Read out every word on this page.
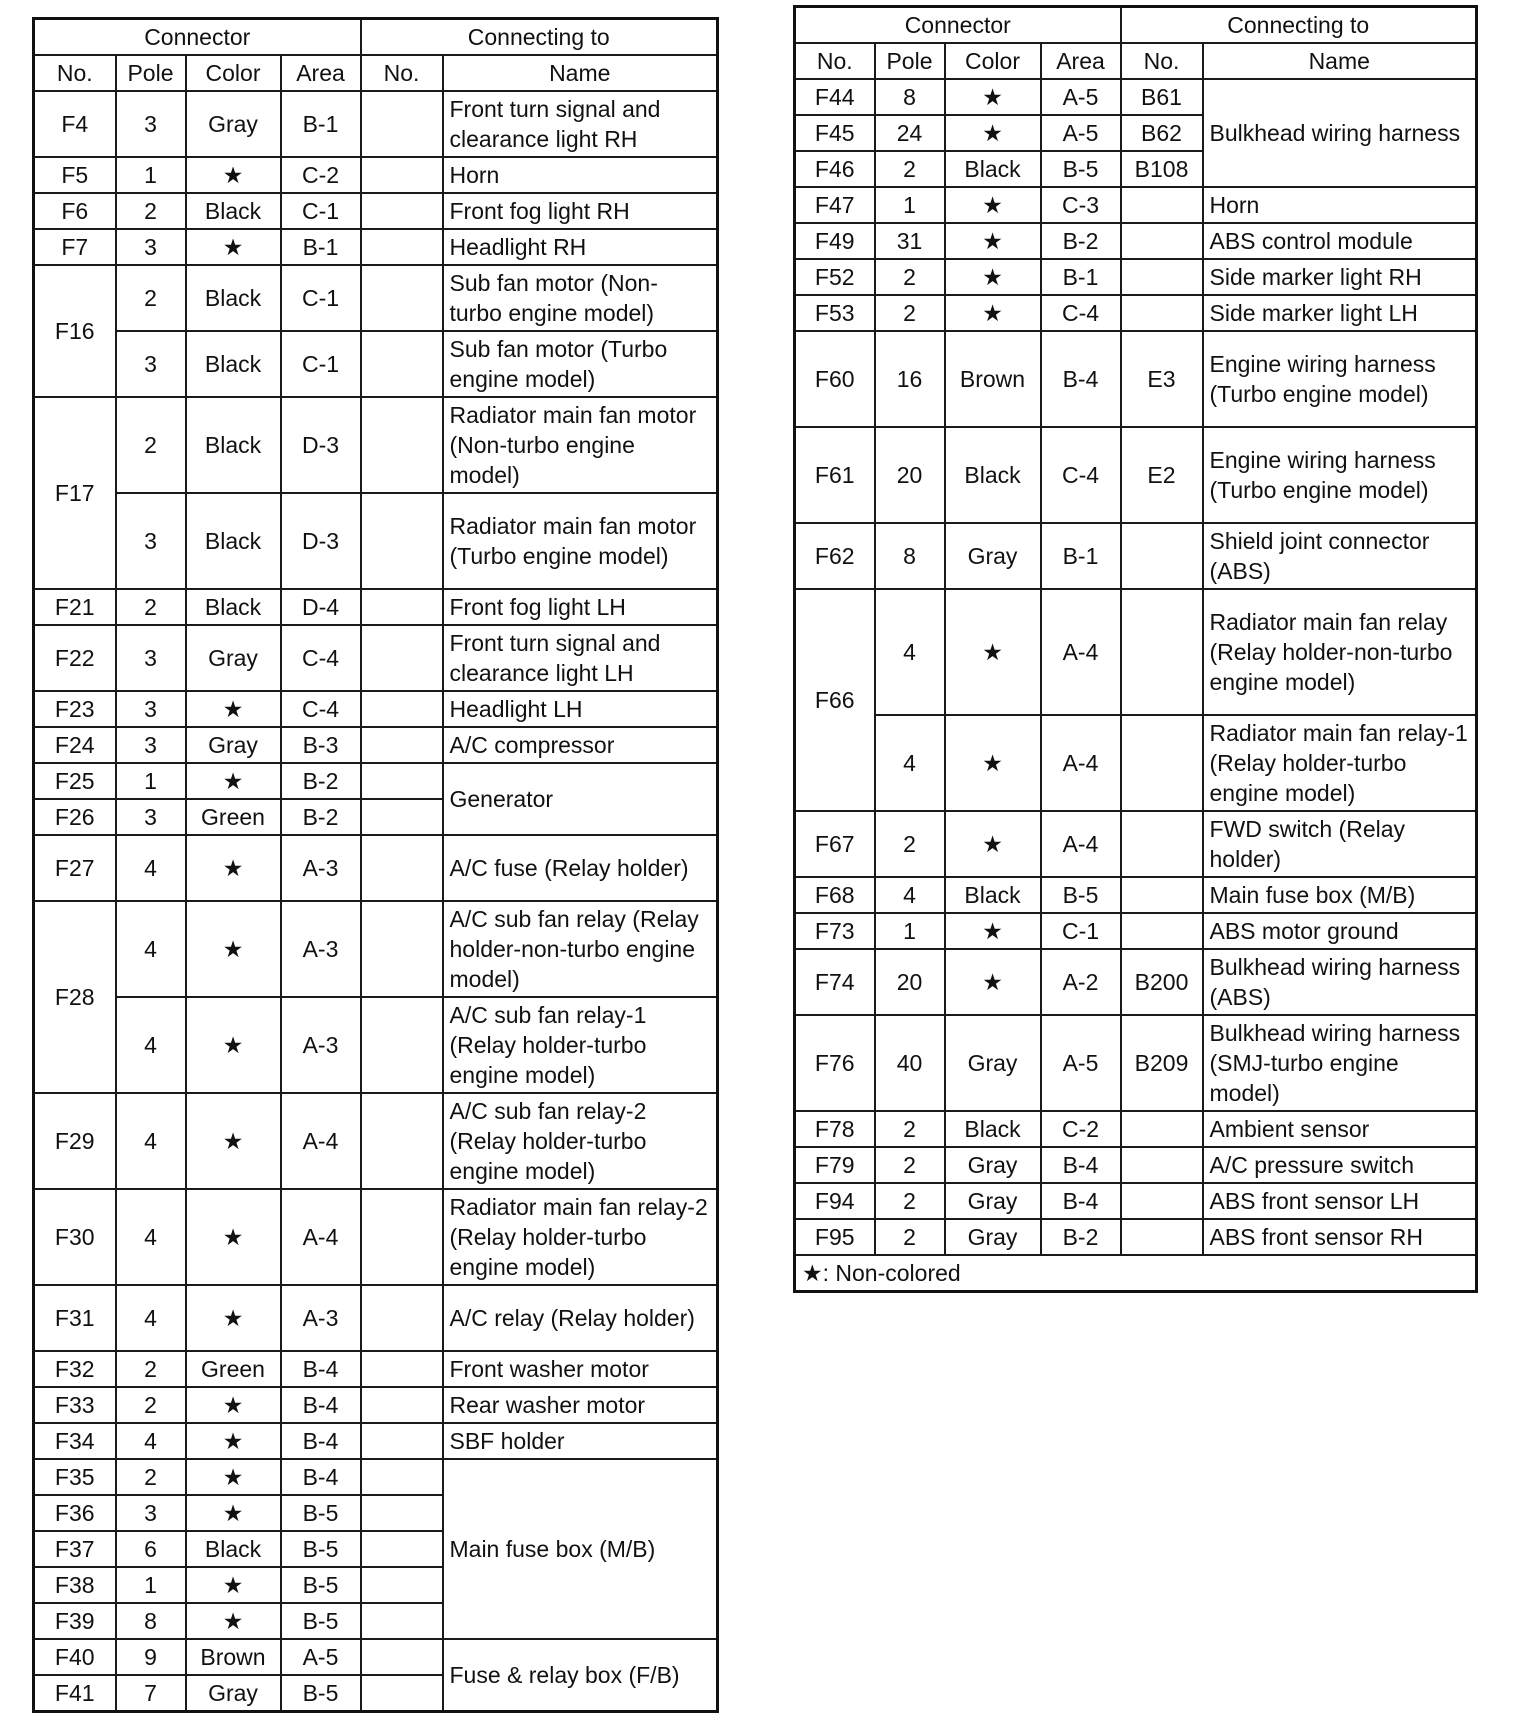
Connector				Connecting to	
No.	Pole	Color	Area	No.	Name
F4	3	Gray	B-1		Front turn signal and clearance light RH
F5	1	★	C-2		Horn
F6	2	Black	C-1		Front fog light RH
F7	3	★	B-1		Headlight RH
F16	2	Black	C-1		Sub fan motor (Non-turbo engine model)
	3	Black	C-1		Sub fan motor (Turbo engine model)
F17	2	Black	D-3		Radiator main fan motor (Non-turbo engine model)
	3	Black	D-3		Radiator main fan motor (Turbo engine model)
F21	2	Black	D-4		Front fog light LH
F22	3	Gray	C-4		Front turn signal and clearance light LH
F23	3	★	C-4		Headlight LH
F24	3	Gray	B-3		A/C compressor
F25	1	★	B-2		Generator
F26	3	Green	B-2		
F27	4	★	A-3		A/C fuse (Relay holder)
F28	4	★	A-3		A/C sub fan relay (Relay holder-non-turbo engine model)
	4	★	A-3		A/C sub fan relay-1 (Relay holder-turbo engine model)
F29	4	★	A-4		A/C sub fan relay-2 (Relay holder-turbo engine model)
F30	4	★	A-4		Radiator main fan relay-2 (Relay holder-turbo engine model)
F31	4	★	A-3		A/C relay (Relay holder)
F32	2	Green	B-4		Front washer motor
F33	2	★	B-4		Rear washer motor
F34	4	★	B-4		SBF holder
F35	2	★	B-4		Main fuse box (M/B)
F36	3	★	B-5		
F37	6	Black	B-5		
F38	1	★	B-5		
F39	8	★	B-5		
F40	9	Brown	A-5		Fuse & relay box (F/B)
F41	7	Gray	B-5		
Connector				Connecting to	
No.	Pole	Color	Area	No.	Name
F44	8	★	A-5	B61	Bulkhead wiring harness
F45	24	★	A-5	B62	
F46	2	Black	B-5	B108	
F47	1	★	C-3		Horn
F49	31	★	B-2		ABS control module
F52	2	★	B-1		Side marker light RH
F53	2	★	C-4		Side marker light LH
F60	16	Brown	B-4	E3	Engine wiring harness (Turbo engine model)
F61	20	Black	C-4	E2	Engine wiring harness (Turbo engine model)
F62	8	Gray	B-1		Shield joint connector (ABS)
F66	4	★	A-4		Radiator main fan relay (Relay holder-non-turbo engine model)
	4	★	A-4		Radiator main fan relay-1 (Relay holder-turbo engine model)
F67	2	★	A-4		FWD switch (Relay holder)
F68	4	Black	B-5		Main fuse box (M/B)
F73	1	★	C-1		ABS motor ground
F74	20	★	A-2	B200	Bulkhead wiring harness (ABS)
F76	40	Gray	A-5	B209	Bulkhead wiring harness (SMJ-turbo engine model)
F78	2	Black	C-2		Ambient sensor
F79	2	Gray	B-4		A/C pressure switch
F94	2	Gray	B-4		ABS front sensor LH
F95	2	Gray	B-2		ABS front sensor RH
★: Non-colored					
